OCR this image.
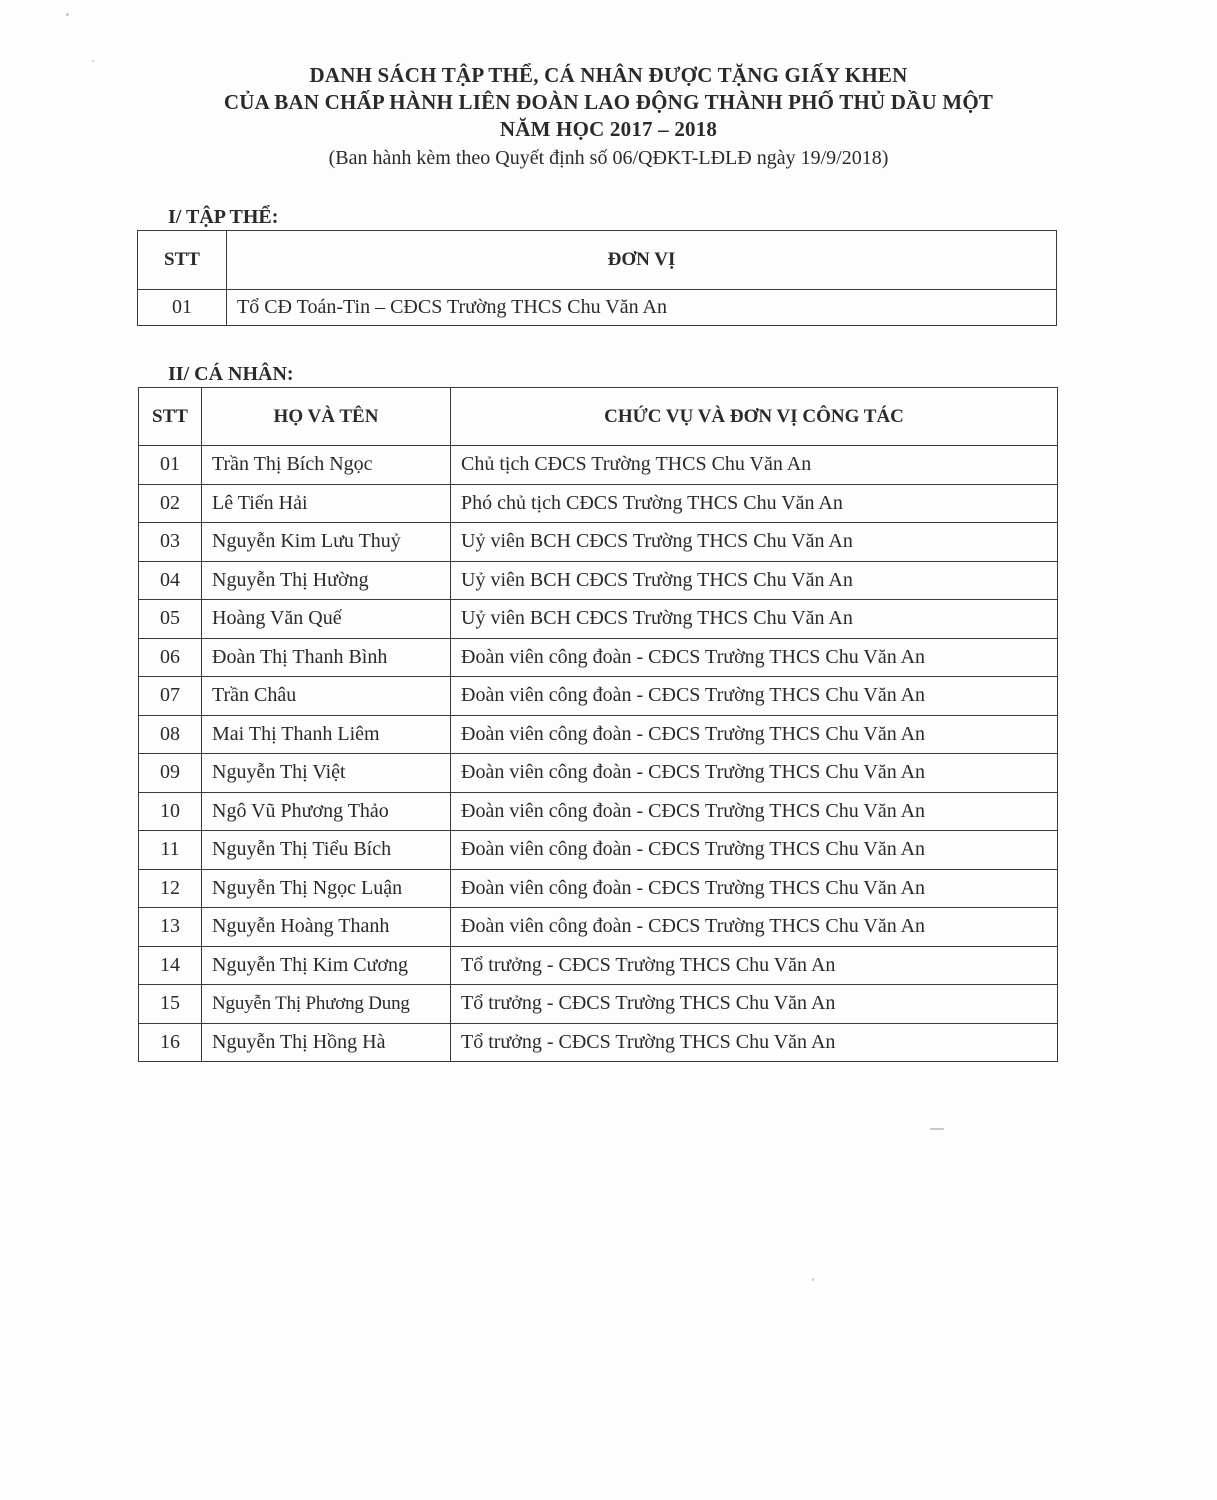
DANH SÁCH TẬP THỂ, CÁ NHÂN ĐƯỢC TẶNG GIẤY KHEN
CỦA BAN CHẤP HÀNH LIÊN ĐOÀN LAO ĐỘNG THÀNH PHỐ THỦ DẦU MỘT
NĂM HỌC 2017 – 2018
(Ban hành kèm theo Quyết định số 06/QĐKT-LĐLĐ ngày 19/9/2018)
I/ TẬP THỂ:
STT	ĐƠN VỊ
01	Tổ CĐ Toán-Tin – CĐCS Trường THCS Chu Văn An
II/ CÁ NHÂN:
STT	HỌ VÀ TÊN	CHỨC VỤ VÀ ĐƠN VỊ CÔNG TÁC
01	Trần Thị Bích Ngọc	Chủ tịch CĐCS Trường THCS Chu Văn An
02	Lê Tiến Hải	Phó chủ tịch CĐCS Trường THCS Chu Văn An
03	Nguyễn Kim Lưu Thuỷ	Uỷ viên BCH CĐCS Trường THCS Chu Văn An
04	Nguyễn Thị Hường	Uỷ viên BCH CĐCS Trường THCS Chu Văn An
05	Hoàng Văn Quế	Uỷ viên BCH CĐCS Trường THCS Chu Văn An
06	Đoàn Thị Thanh Bình	Đoàn viên công đoàn - CĐCS Trường THCS Chu Văn An
07	Trần Châu	Đoàn viên công đoàn - CĐCS Trường THCS Chu Văn An
08	Mai Thị Thanh Liêm	Đoàn viên công đoàn - CĐCS Trường THCS Chu Văn An
09	Nguyễn Thị Việt	Đoàn viên công đoàn - CĐCS Trường THCS Chu Văn An
10	Ngô Vũ Phương Thảo	Đoàn viên công đoàn - CĐCS Trường THCS Chu Văn An
11	Nguyễn Thị Tiểu Bích	Đoàn viên công đoàn - CĐCS Trường THCS Chu Văn An
12	Nguyễn Thị Ngọc Luận	Đoàn viên công đoàn - CĐCS Trường THCS Chu Văn An
13	Nguyễn Hoàng Thanh	Đoàn viên công đoàn - CĐCS Trường THCS Chu Văn An
14	Nguyễn Thị Kim Cương	Tổ trưởng - CĐCS Trường THCS Chu Văn An
15	Nguyễn Thị Phương Dung	Tổ trưởng - CĐCS Trường THCS Chu Văn An
16	Nguyễn Thị Hồng Hà	Tổ trưởng - CĐCS Trường THCS Chu Văn An
